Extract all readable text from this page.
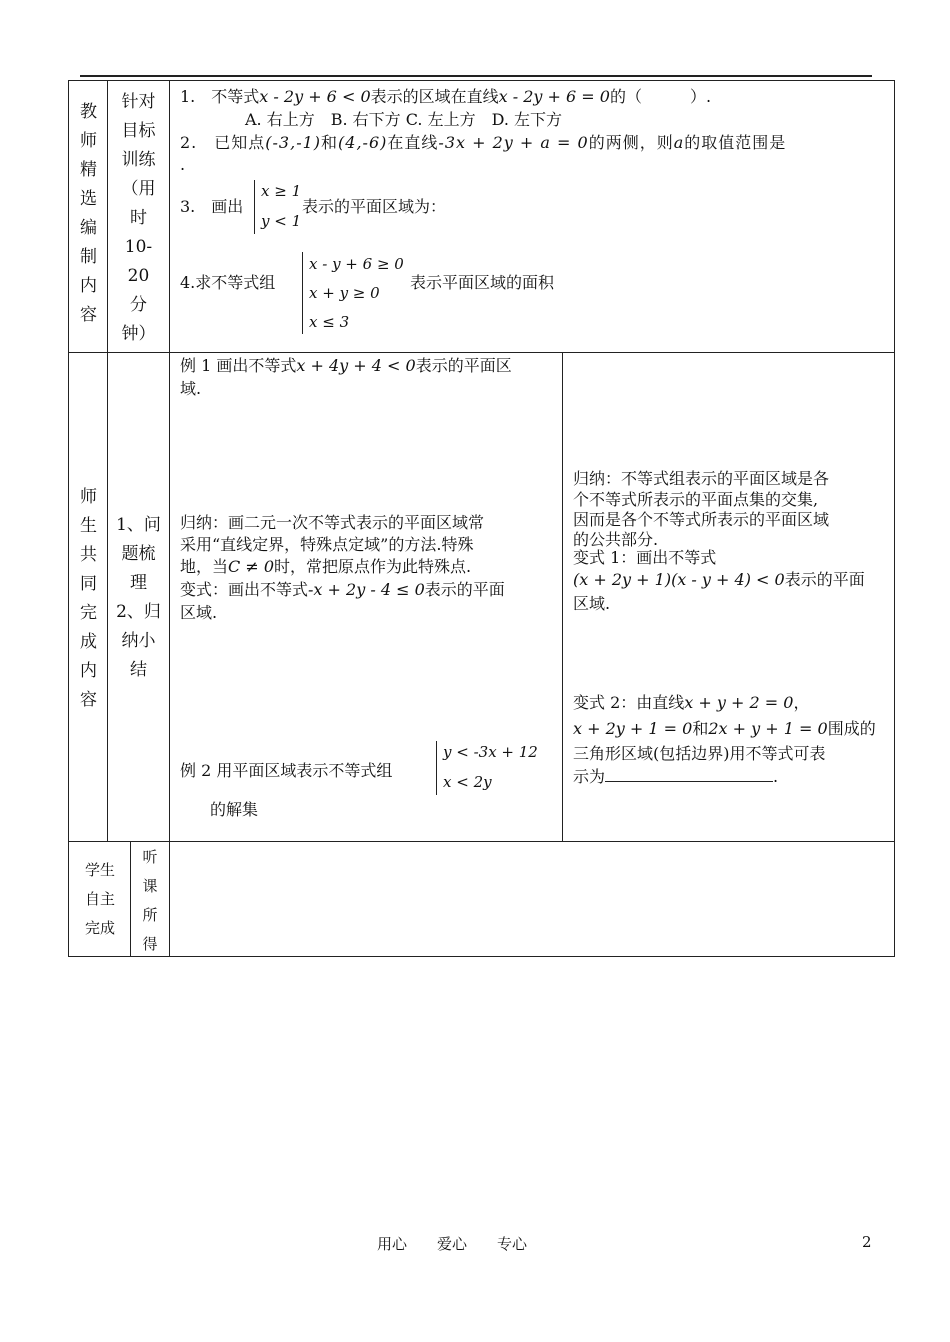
教
师
精
选
编
制
内
容
针对
目标
训练
（用
时
10-
20
分
钟）
1.　不等式x - 2y + 6 < 0表示的区域在直线x - 2y + 6 = 0的（　　　）.
A. 右上方　B. 右下方 C. 左上方　D. 左下方
2.　已知点(-3,-1)和(4,-6)在直线-3x + 2y + a = 0的两侧，则a的取值范围是
.
3.　画出
x ≥ 1
y < 1
表示的平面区域为：
4.求不等式组
x - y + 6 ≥ 0
x + y ≥ 0
x ≤ 3
表示平面区域的面积
师
生
共
同
完
成
内
容
1、问
题梳
理
2、归
纳小
结
例 1 画出不等式x + 4y + 4 < 0表示的平面区
域.
归纳：画二元一次不等式表示的平面区域常
采用“直线定界，特殊点定域”的方法.特殊
地，当C ≠ 0时，常把原点作为此特殊点.
变式：画出不等式-x + 2y - 4 ≤ 0表示的平面
区域.
例 2 用平面区域表示不等式组
y < -3x + 12
x < 2y
的解集
归纳：不等式组表示的平面区域是各
个不等式所表示的平面点集的交集,
因而是各个不等式所表示的平面区域
的公共部分.
变式 1：画出不等式
(x + 2y + 1)(x - y + 4) < 0表示的平面
区域.
变式 2：由直线x + y + 2 = 0，
x + 2y + 1 = 0和2x + y + 1 = 0围成的
三角形区域(包括边界)用不等式可表
示为	.
学生
自主
完成
听
课
所
得
用心　　爱心　　专心	2
